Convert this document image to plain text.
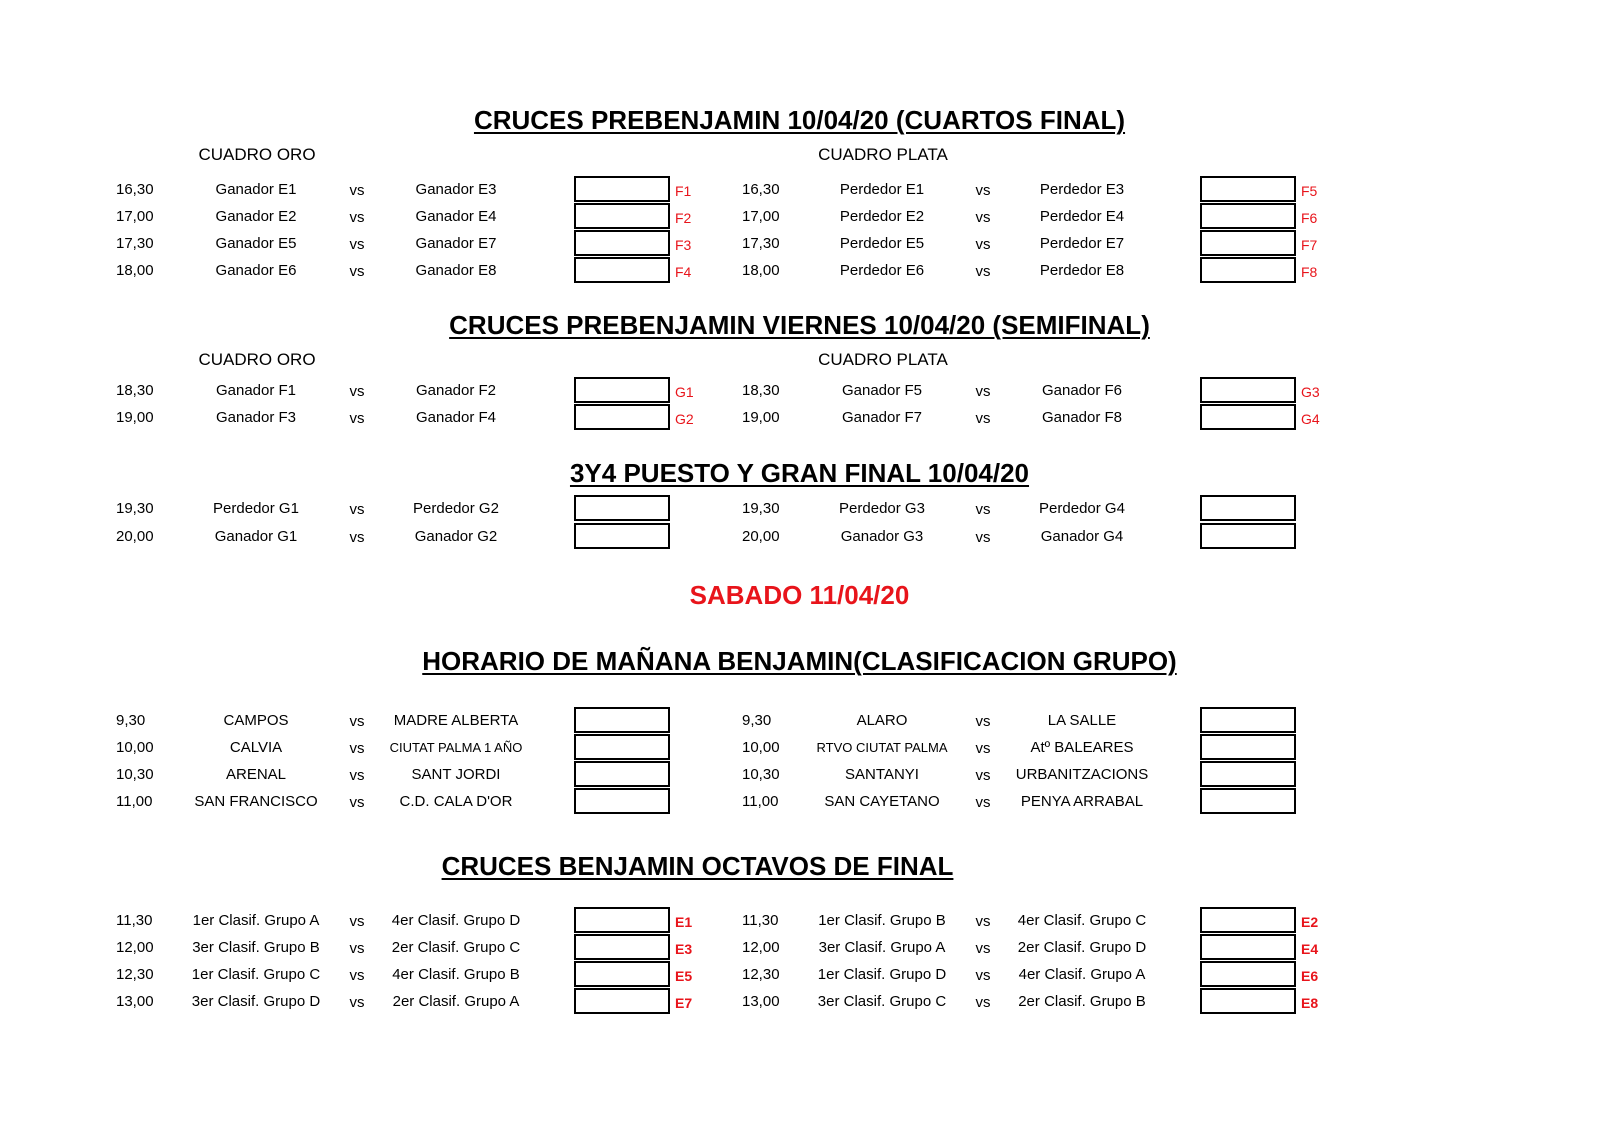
CRUCES PREBENJAMIN 10/04/20 (CUARTOS FINAL)
CUADRO ORO	CUADRO PLATA
CRUCES PREBENJAMIN VIERNES 10/04/20 (SEMIFINAL)
CUADRO ORO	CUADRO PLATA
3Y4 PUESTO Y GRAN FINAL 10/04/20
SABADO 11/04/20
HORARIO DE MAÑANA BENJAMIN(CLASIFICACION GRUPO)
CRUCES BENJAMIN OCTAVOS DE FINAL
16,30	Ganador E1	vs	Ganador E3	F1
17,00	Ganador E2	vs	Ganador E4	F2
17,30	Ganador E5	vs	Ganador E7	F3
18,00	Ganador E6	vs	Ganador E8	F4
16,30	Perdedor E1	vs	Perdedor E3	F5
17,00	Perdedor E2	vs	Perdedor E4	F6
17,30	Perdedor E5	vs	Perdedor E7	F7
18,00	Perdedor E6	vs	Perdedor E8	F8
18,30	Ganador F1	vs	Ganador F2	G1
19,00	Ganador F3	vs	Ganador F4	G2
18,30	Ganador F5	vs	Ganador F6	G3
19,00	Ganador F7	vs	Ganador F8	G4
19,30	Perdedor G1	vs	Perdedor G2
20,00	Ganador G1	vs	Ganador G2
19,30	Perdedor G3	vs	Perdedor G4
20,00	Ganador G3	vs	Ganador G4
9,30	CAMPOS	vs	MADRE ALBERTA
10,00	CALVIA	vs	CIUTAT PALMA 1 AÑO
10,30	ARENAL	vs	SANT JORDI
11,00	SAN FRANCISCO	vs	C.D. CALA D'OR
9,30	ALARO	vs	LA SALLE
10,00	RTVO CIUTAT PALMA	vs	Atº BALEARES
10,30	SANTANYI	vs	URBANITZACIONS
11,00	SAN CAYETANO	vs	PENYA ARRABAL
11,30	1er Clasif. Grupo A	vs	4er Clasif. Grupo D	E1
12,00	3er Clasif. Grupo B	vs	2er Clasif. Grupo C	E3
12,30	1er Clasif. Grupo C	vs	4er Clasif. Grupo B	E5
13,00	3er Clasif. Grupo D	vs	2er Clasif. Grupo A	E7
11,30	1er Clasif. Grupo B	vs	4er Clasif. Grupo C	E2
12,00	3er Clasif. Grupo A	vs	2er Clasif. Grupo D	E4
12,30	1er Clasif. Grupo D	vs	4er Clasif. Grupo A	E6
13,00	3er Clasif. Grupo C	vs	2er Clasif. Grupo B	E8
